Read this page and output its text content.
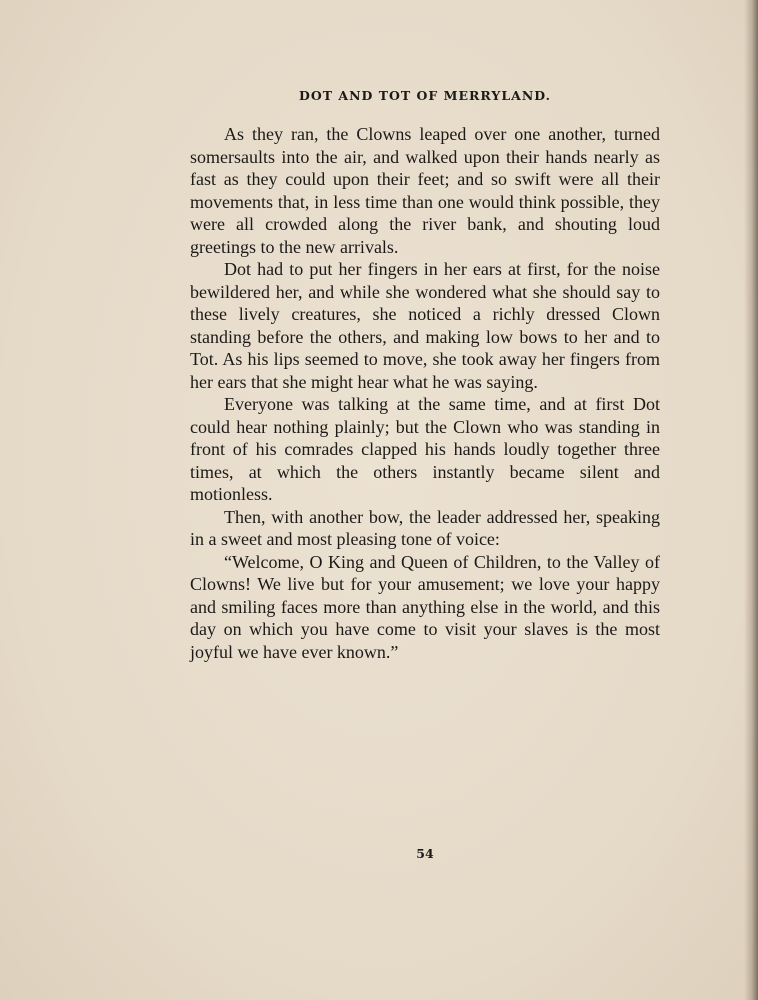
DOT AND TOT OF MERRYLAND.

As they ran, the Clowns leaped over one another, turned somersaults into the air, and walked upon their hands nearly as fast as they could upon their feet; and so swift were all their movements that, in less time than one would think possible, they were all crowded along the river bank, and shouting loud greetings to the new arrivals.

Dot had to put her fingers in her ears at first, for the noise bewildered her, and while she wondered what she should say to these lively creatures, she noticed a richly dressed Clown standing before the others, and making low bows to her and to Tot. As his lips seemed to move, she took away her fingers from her ears that she might hear what he was saying.

Everyone was talking at the same time, and at first Dot could hear nothing plainly; but the Clown who was standing in front of his comrades clapped his hands loudly together three times, at which the others instantly became silent and motionless.

Then, with another bow, the leader addressed her, speaking in a sweet and most pleasing tone of voice:

“Welcome, O King and Queen of Children, to the Valley of Clowns! We live but for your amusement; we love your happy and smiling faces more than anything else in the world, and this day on which you have come to visit your slaves is the most joyful we have ever known.”

54
